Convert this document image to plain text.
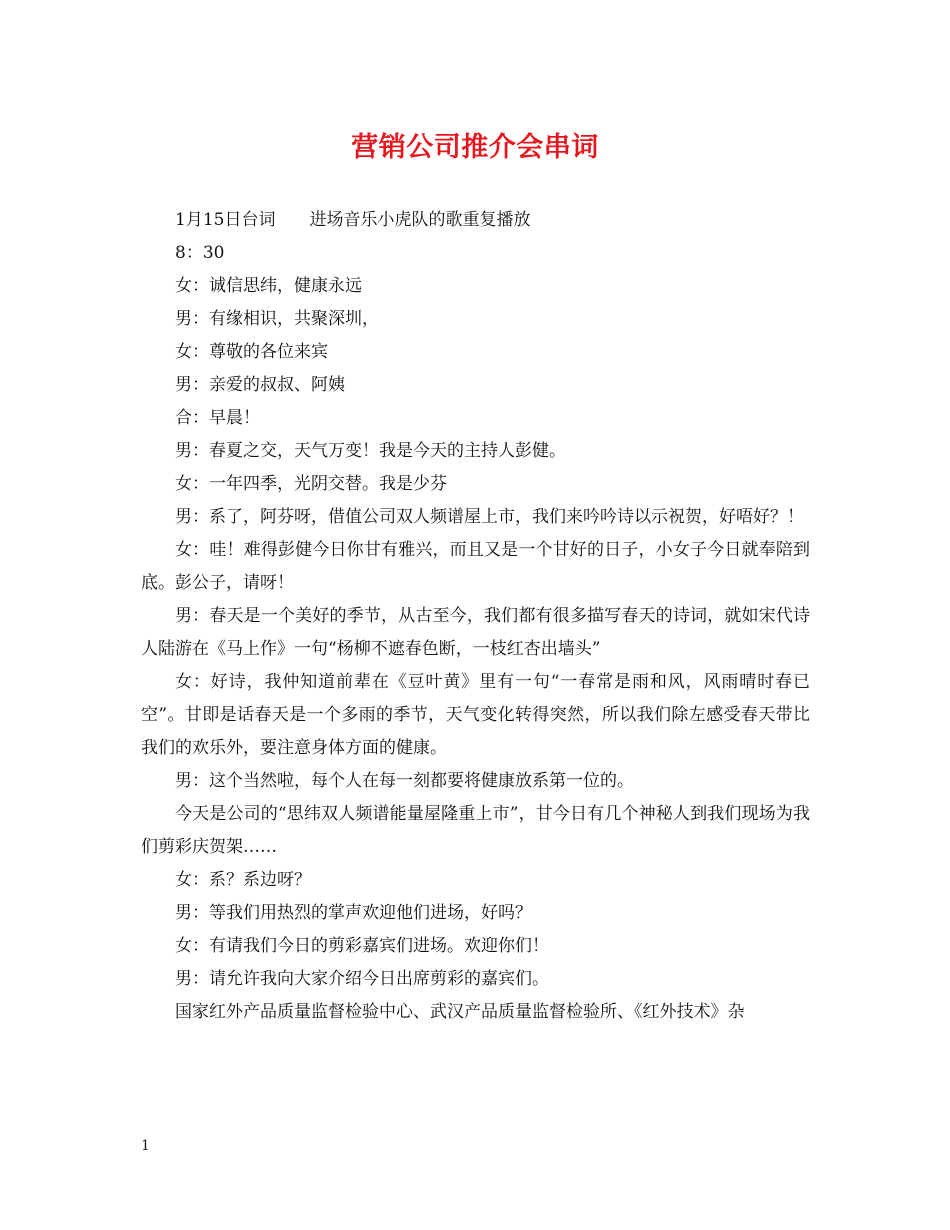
营销公司推介会串词

1月15日台词　　进场音乐小虎队的歌重复播放

8：30

女：诚信思纬，健康永远

男：有缘相识，共聚深圳，

女：尊敬的各位来宾

男：亲爱的叔叔、阿姨

合：早晨！

男：春夏之交，天气万变！我是今天的主持人彭健。

女：一年四季，光阴交替。我是少芬

男：系了，阿芬呀，借值公司双人频谱屋上市，我们来吟吟诗以示祝贺，好唔好？！

女：哇！难得彭健今日你甘有雅兴，而且又是一个甘好的日子，小女子今日就奉陪到底。彭公子，请呀！

男：春天是一个美好的季节，从古至今，我们都有很多描写春天的诗词，就如宋代诗人陆游在《马上作》一句“杨柳不遮春色断，一枝红杏出墙头”

女：好诗，我仲知道前辈在《豆叶黄》里有一句“一春常是雨和风，风雨晴时春已空”。甘即是话春天是一个多雨的季节，天气变化转得突然，所以我们除左感受春天带比我们的欢乐外，要注意身体方面的健康。

男：这个当然啦，每个人在每一刻都要将健康放系第一位的。

今天是公司的“思纬双人频谱能量屋隆重上市”，甘今日有几个神秘人到我们现场为我们剪彩庆贺架……

女：系？系边呀？

男：等我们用热烈的掌声欢迎他们进场，好吗？

女：有请我们今日的剪彩嘉宾们进场。欢迎你们！

男：请允许我向大家介绍今日出席剪彩的嘉宾们。

国家红外产品质量监督检验中心、武汉产品质量监督检验所、《红外技术》杂

1
